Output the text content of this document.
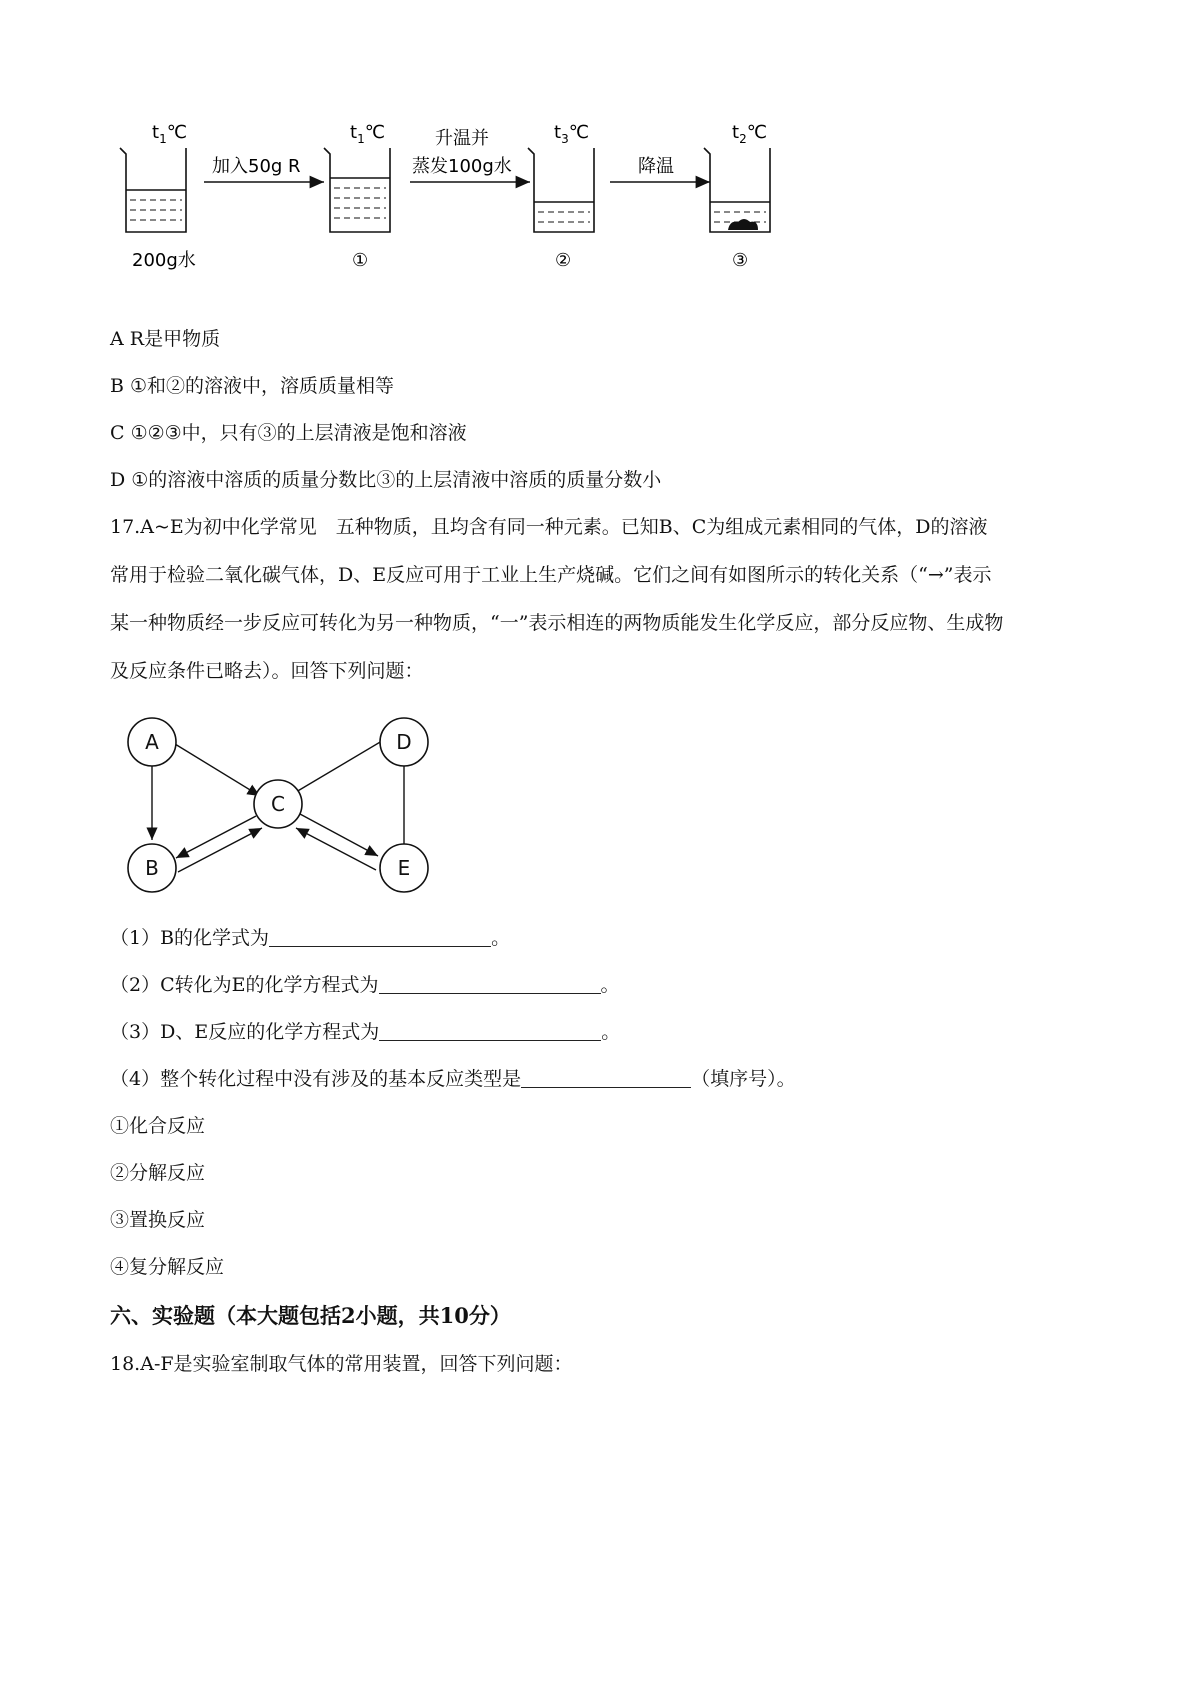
$t_1℃$	$t_1℃$	$t_3℃$	$t_2℃$
200g水
加入50g R
①
升温并
蒸发100g水
②
降温
③
A R是甲物质
B ①和②的溶液中，溶质质量相等
C ①②③中，只有③的上层清液是饱和溶液
D ①的溶液中溶质的质量分数比③的上层清液中溶质的质量分数小
17.A~E为初中化学常见　五种物质，且均含有同一种元素。已知B、C为组成元素相同的气体，D的溶液
常用于检验二氧化碳气体，D、E反应可用于工业上生产烧碱。它们之间有如图所示的转化关系（“→”表示
某一种物质经一步反应可转化为另一种物质，“一”表示相连的两物质能发生化学反应，部分反应物、生成物
及反应条件已略去）。回答下列问题：
A
B
C
D
E
（1）B的化学式为	。
（2）C转化为E的化学方程式为	。
（3）D、E反应的化学方程式为	。
（4）整个转化过程中没有涉及的基本反应类型是	（填序号）。
①化合反应
②分解反应
③置换反应
④复分解反应
六、实验题（本大题包括2小题，共10分）
18.A-F是实验室制取气体的常用装置，回答下列问题：
